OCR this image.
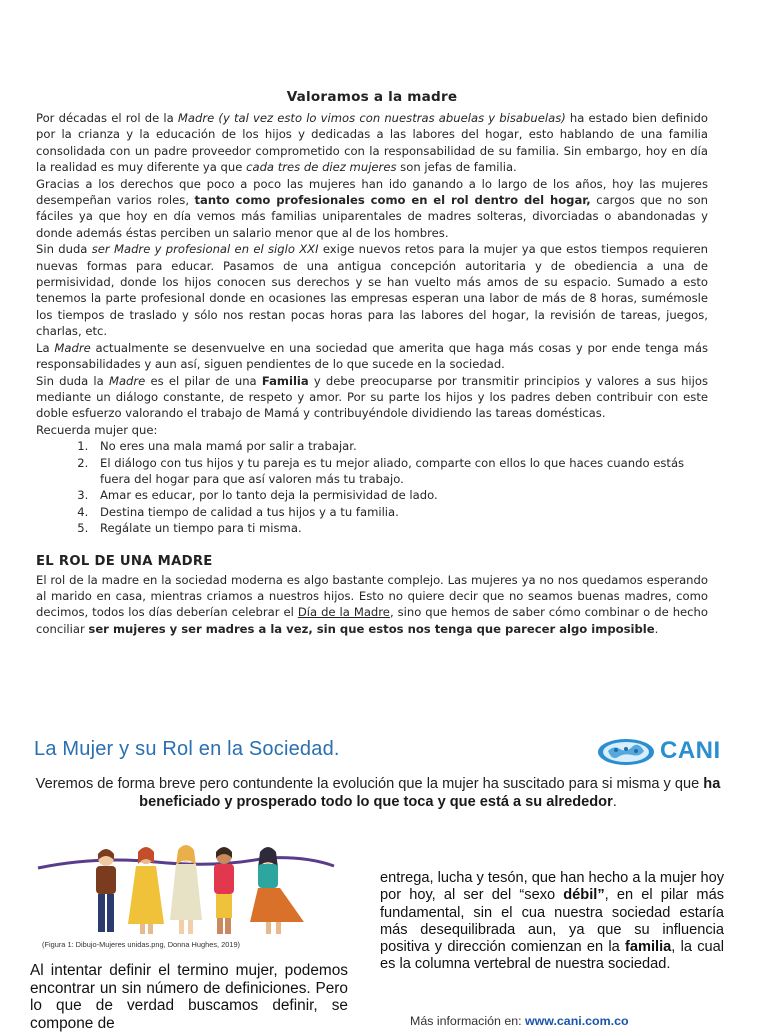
Valoramos a la madre

Por décadas el rol de la Madre (y tal vez esto lo vimos con nuestras abuelas y bisabuelas) ha estado bien definido por la crianza y la educación de los hijos y dedicadas a las labores del hogar, esto hablando de una familia consolidada con un padre proveedor comprometido con la responsabilidad de su familia. Sin embargo, hoy en día la realidad es muy diferente ya que cada tres de diez mujeres son jefas de familia.

Gracias a los derechos que poco a poco las mujeres han ido ganando a lo largo de los años, hoy las mujeres desempeñan varios roles, tanto como profesionales como en el rol dentro del hogar, cargos que no son fáciles ya que hoy en día vemos más familias uniparentales de madres solteras, divorciadas o abandonadas y donde además éstas perciben un salario menor que al de los hombres.

Sin duda ser Madre y profesional en el siglo XXI exige nuevos retos para la mujer ya que estos tiempos requieren nuevas formas para educar. Pasamos de una antigua concepción autoritaria y de obediencia a una de permisividad, donde los hijos conocen sus derechos y se han vuelto más amos de su espacio. Sumado a esto tenemos la parte profesional donde en ocasiones las empresas esperan una labor de más de 8 horas, sumémosle los tiempos de traslado y sólo nos restan pocas horas para las labores del hogar, la revisión de tareas, juegos, charlas, etc.

La Madre actualmente se desenvuelve en una sociedad que amerita que haga más cosas y por ende tenga más responsabilidades y aun así, siguen pendientes de lo que sucede en la sociedad.

Sin duda la Madre es el pilar de una Familia y debe preocuparse por transmitir principios y valores a sus hijos mediante un diálogo constante, de respeto y amor. Por su parte los hijos y los padres deben contribuir con este doble esfuerzo valorando el trabajo de Mamá y contribuyéndole dividiendo las tareas domésticas.

Recuerda mujer que:

1. No eres una mala mamá por salir a trabajar.
2. El diálogo con tus hijos y tu pareja es tu mejor aliado, comparte con ellos lo que haces cuando estás fuera del hogar para que así valoren más tu trabajo.
3. Amar es educar, por lo tanto deja la permisividad de lado.
4. Destina tiempo de calidad a tus hijos y a tu familia.
5. Regálate un tiempo para ti misma.
EL ROL DE UNA MADRE

El rol de la madre en la sociedad moderna es algo bastante complejo. Las mujeres ya no nos quedamos esperando al marido en casa, mientras criamos a nuestros hijos. Esto no quiere decir que no seamos buenas madres, como decimos, todos los días deberían celebrar el Día de la Madre, sino que hemos de saber cómo combinar o de hecho conciliar ser mujeres y ser madres a la vez, sin que estos nos tenga que parecer algo imposible.

La Mujer y su Rol en la Sociedad.	CANI
Veremos de forma breve pero contundente la evolución que la mujer ha suscitado para si misma y que ha beneficiado y prosperado todo lo que toca y que está a su alrededor.
(Figura 1: Dibujo-Mujeres unidas.png, Donna Hughes, 2019)
Al intentar definir el termino mujer, podemos encontrar un sin número de definiciones. Pero lo que de verdad buscamos definir, se compone de
entrega, lucha y tesón, que han hecho a la mujer hoy por hoy, al ser del “sexo débil”, en el pilar más fundamental, sin el cua nuestra sociedad estaría más desequilibrada aun, ya que su influencia positiva y dirección comienzan en la familia, la cual es la columna vertebral de nuestra sociedad.
Más información en: www.cani.com.co
